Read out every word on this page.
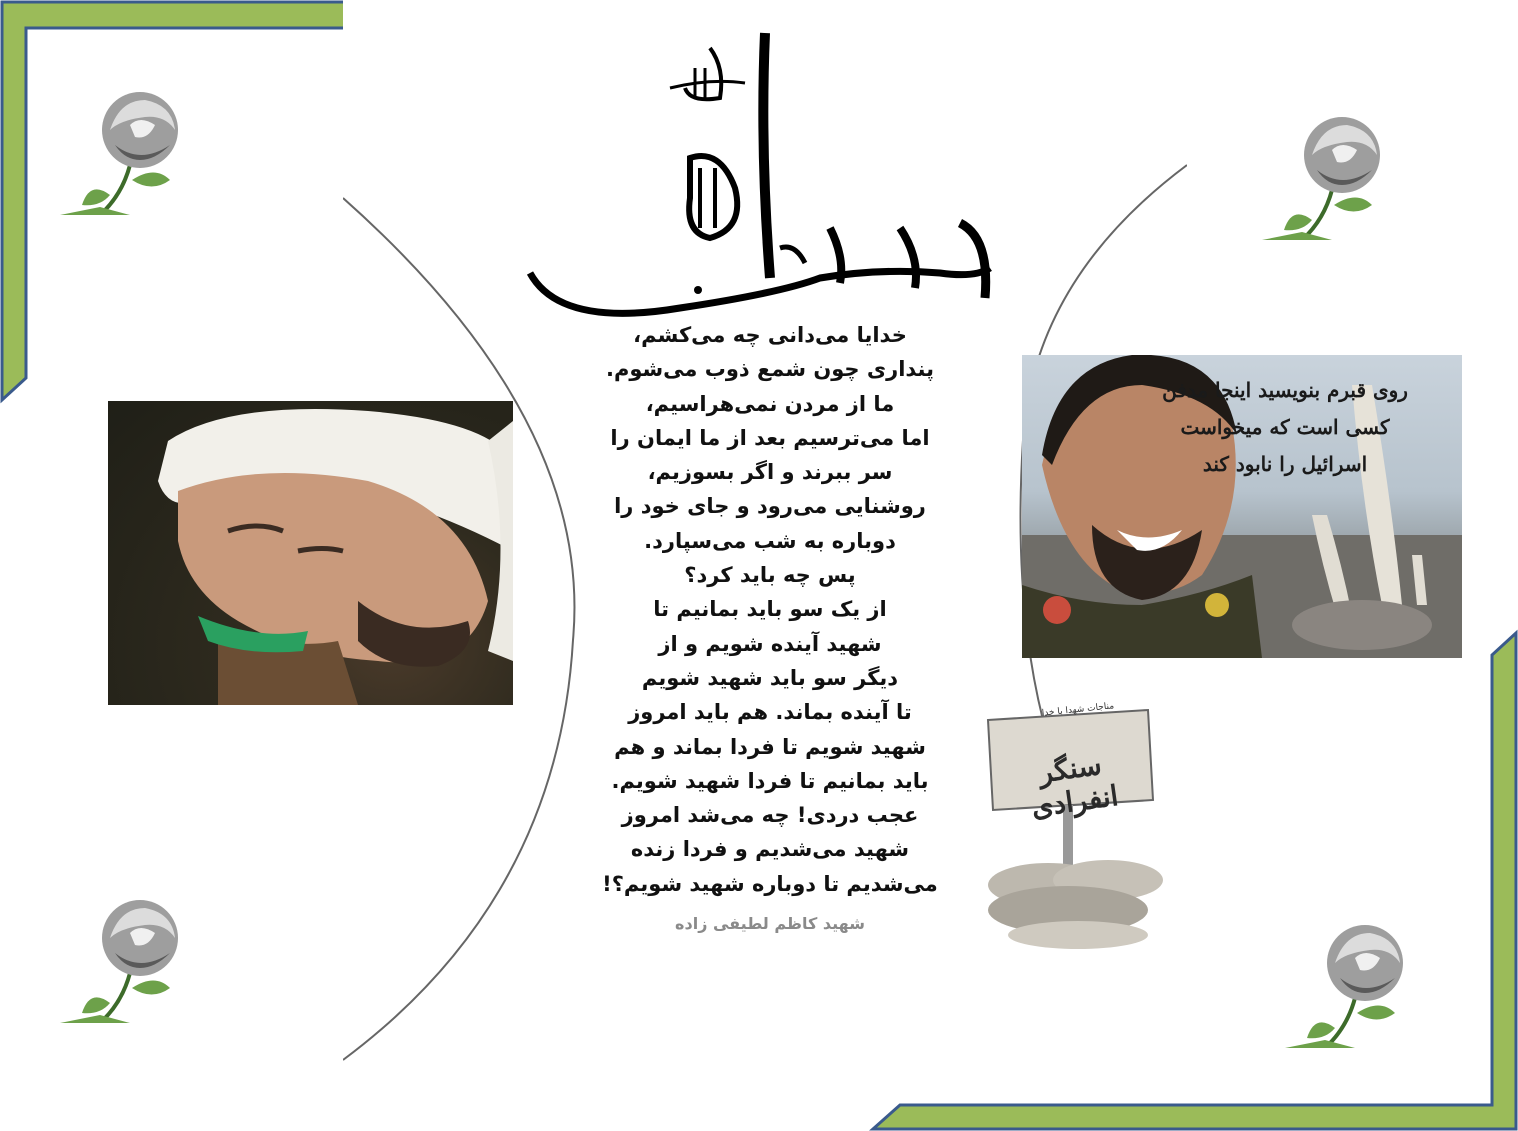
خدایا می‌دانی چه می‌کشم،
پنداری چون شمع ذوب می‌شوم.
ما از مردن نمی‌هراسیم،
اما می‌ترسیم بعد از ما ایمان را
سر ببرند و اگر بسوزیم،
روشنایی می‌رود و جای خود را
دوباره به شب می‌سپارد.
پس چه باید کرد؟
از یک سو باید بمانیم تا
شهید آینده شویم و از
دیگر سو باید شهید شویم
تا آینده بماند. هم باید امروز
شهید شویم تا فردا بماند و هم
باید بمانیم تا فردا شهید شویم.
عجب دردی! چه می‌شد امروز
شهید می‌شدیم و فردا زنده
می‌شدیم تا دوباره شهید شویم؟!
شهید کاظم لطیفی زاده

روی قبرم بنویسید اینجا مدفن
کسی است که میخواست
اسرائیل را نابود کند
مناجات شهدا با خدا
سنگر انفرادی
